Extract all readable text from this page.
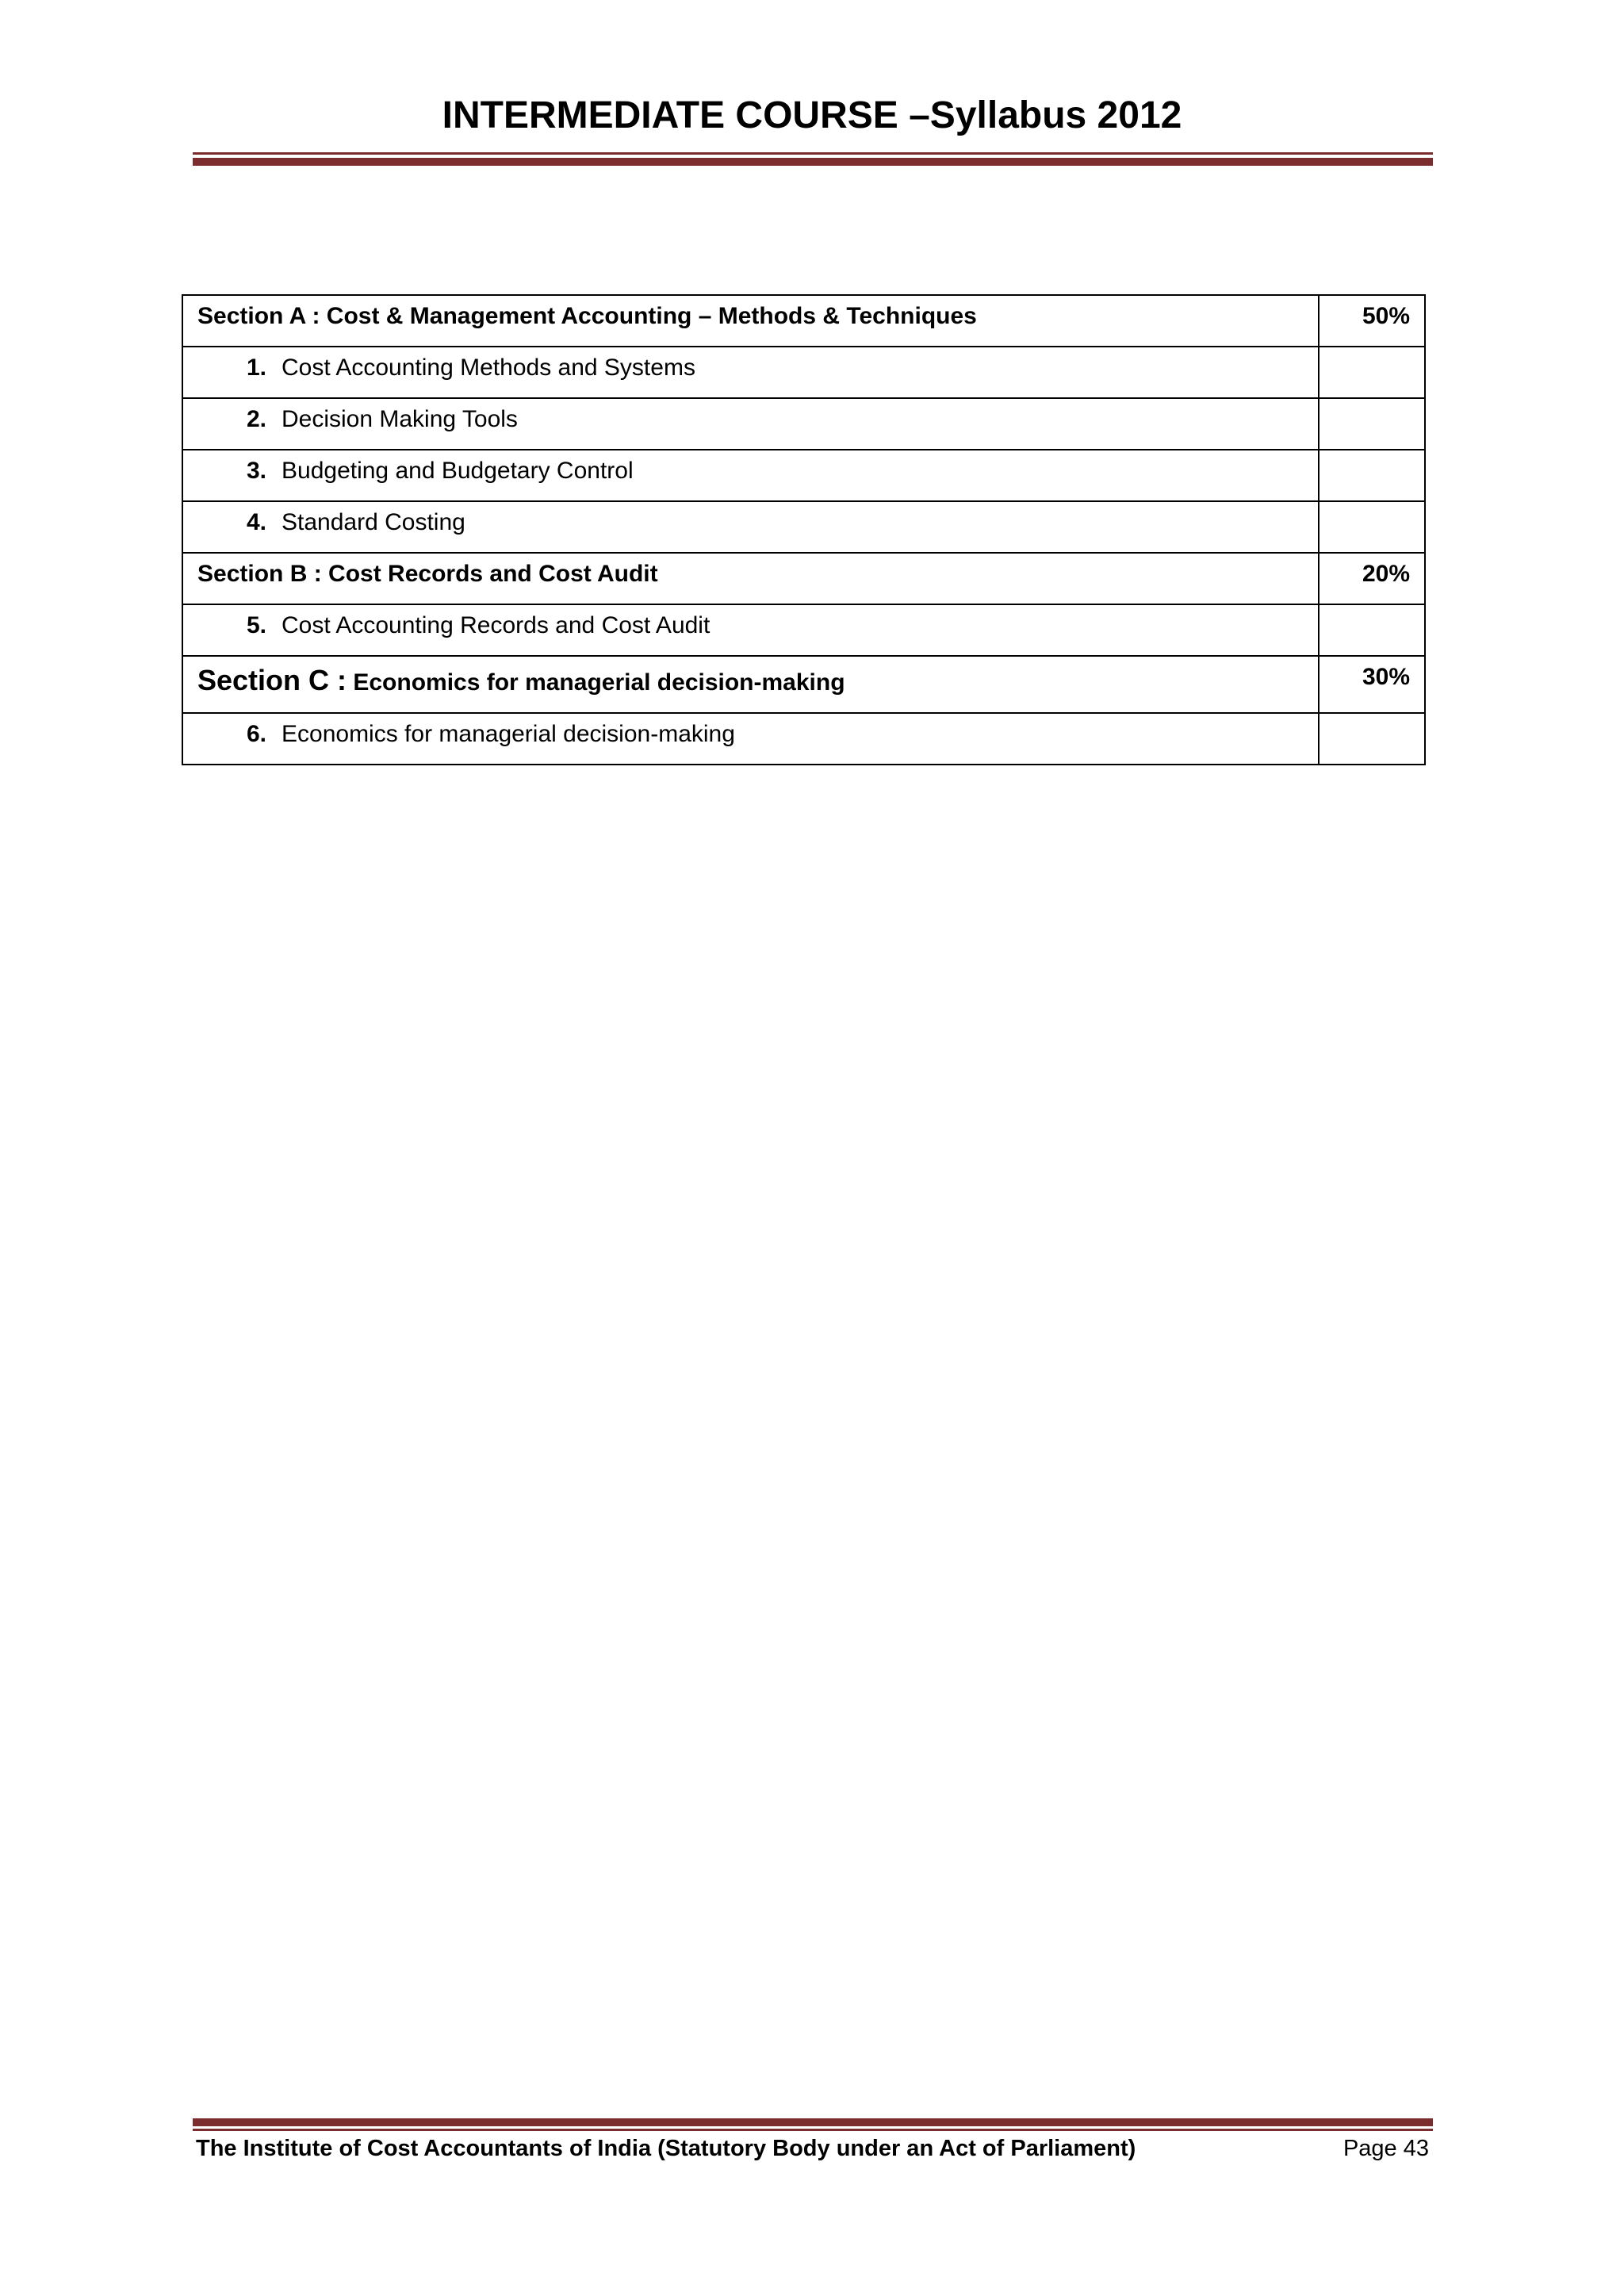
INTERMEDIATE COURSE –Syllabus 2012
Section A : Cost & Management Accounting – Methods & Techniques	50%
1. Cost Accounting Methods and Systems	
2. Decision Making Tools	
3. Budgeting and Budgetary Control	
4. Standard Costing	
Section B : Cost Records and Cost Audit	20%
5. Cost Accounting Records and Cost Audit	
Section C : Economics for managerial decision-making	30%
6. Economics for managerial decision-making	
The Institute of Cost Accountants of India (Statutory Body under an Act of Parliament)	Page 43
